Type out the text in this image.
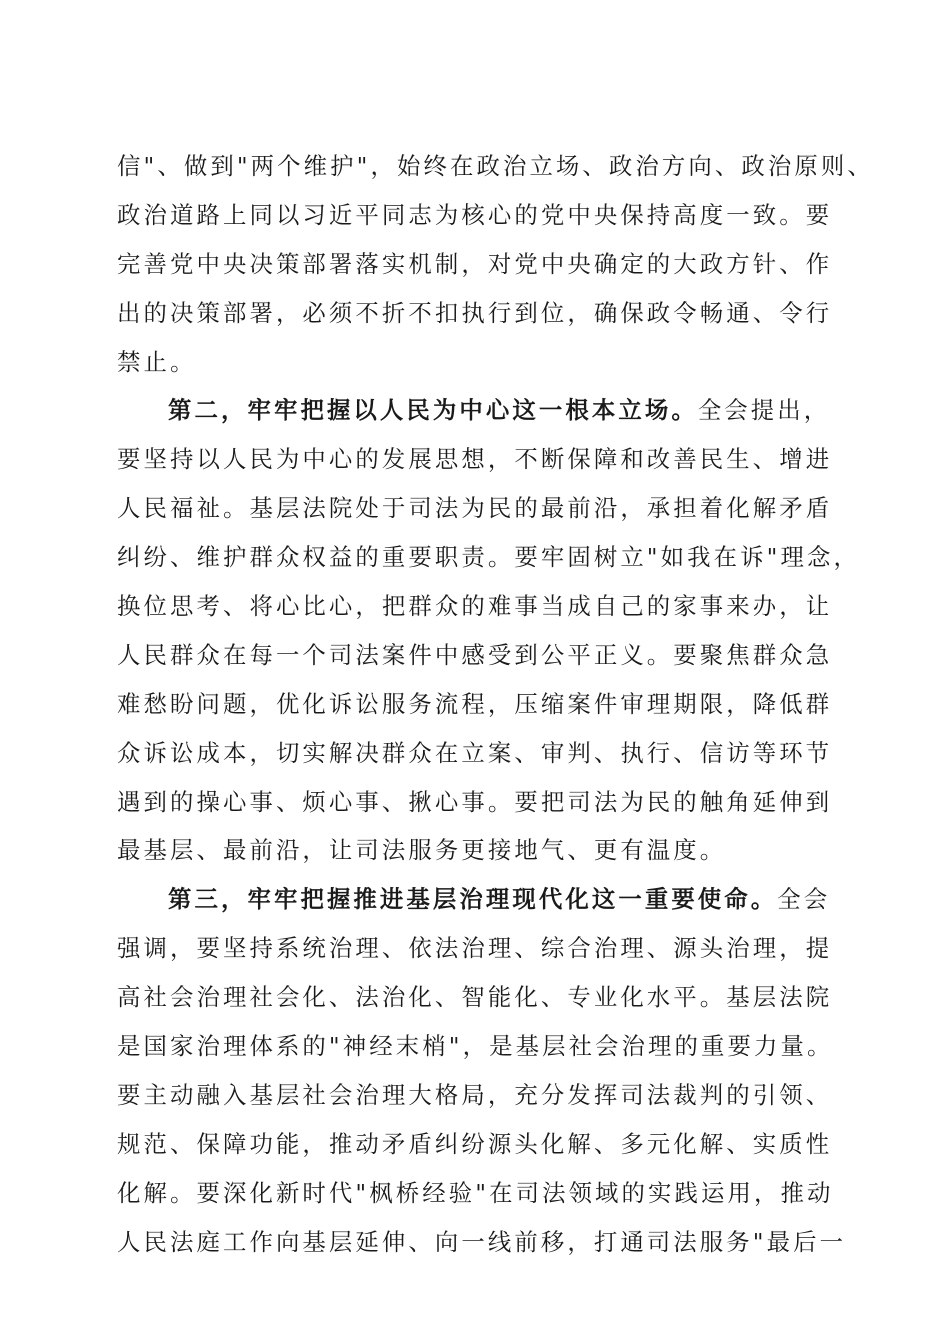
信"、做到"两个维护"，始终在政治立场、政治方向、政治原则、
政治道路上同以习近平同志为核心的党中央保持高度一致。要
完善党中央决策部署落实机制，对党中央确定的大政方针、作
出的决策部署，必须不折不扣执行到位，确保政令畅通、令行
禁止。
第二，牢牢把握以人民为中心这一根本立场。全会提出，
要坚持以人民为中心的发展思想，不断保障和改善民生、增进
人民福祉。基层法院处于司法为民的最前沿，承担着化解矛盾
纠纷、维护群众权益的重要职责。要牢固树立"如我在诉"理念，
换位思考、将心比心，把群众的难事当成自己的家事来办，让
人民群众在每一个司法案件中感受到公平正义。要聚焦群众急
难愁盼问题，优化诉讼服务流程，压缩案件审理期限，降低群
众诉讼成本，切实解决群众在立案、审判、执行、信访等环节
遇到的操心事、烦心事、揪心事。要把司法为民的触角延伸到
最基层、最前沿，让司法服务更接地气、更有温度。
第三，牢牢把握推进基层治理现代化这一重要使命。全会
强调，要坚持系统治理、依法治理、综合治理、源头治理，提
高社会治理社会化、法治化、智能化、专业化水平。基层法院
是国家治理体系的"神经末梢"，是基层社会治理的重要力量。
要主动融入基层社会治理大格局，充分发挥司法裁判的引领、
规范、保障功能，推动矛盾纠纷源头化解、多元化解、实质性
化解。要深化新时代"枫桥经验"在司法领域的实践运用，推动
人民法庭工作向基层延伸、向一线前移，打通司法服务"最后一
